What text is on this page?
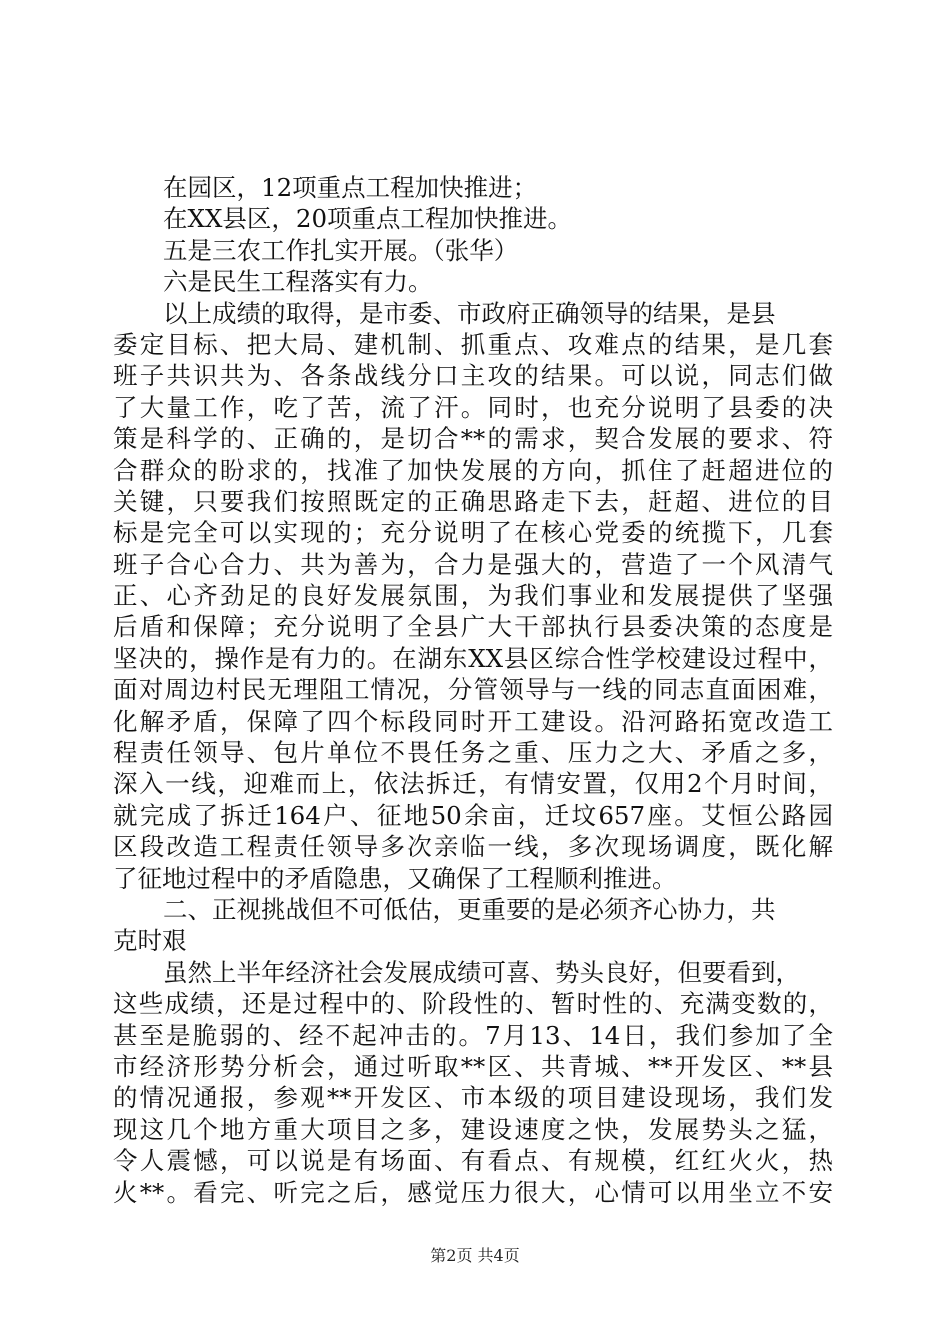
在园区，12项重点工程加快推进；
在XX县区，20项重点工程加快推进。
五是三农工作扎实开展。（张华）
六是民生工程落实有力。
以上成绩的取得，是市委、市政府正确领导的结果，是县
委定目标、把大局、建机制、抓重点、攻难点的结果，是几套
班子共识共为、各条战线分口主攻的结果。可以说，同志们做
了大量工作，吃了苦，流了汗。同时，也充分说明了县委的决
策是科学的、正确的，是切合**的需求，契合发展的要求、符
合群众的盼求的，找准了加快发展的方向，抓住了赶超进位的
关键，只要我们按照既定的正确思路走下去，赶超、进位的目
标是完全可以实现的；充分说明了在核心党委的统揽下，几套
班子合心合力、共为善为，合力是强大的，营造了一个风清气
正、心齐劲足的良好发展氛围，为我们事业和发展提供了坚强
后盾和保障；充分说明了全县广大干部执行县委决策的态度是
坚决的，操作是有力的。在湖东XX县区综合性学校建设过程中，
面对周边村民无理阻工情况，分管领导与一线的同志直面困难，
化解矛盾，保障了四个标段同时开工建设。沿河路拓宽改造工
程责任领导、包片单位不畏任务之重、压力之大、矛盾之多，
深入一线，迎难而上，依法拆迁，有情安置，仅用2个月时间，
就完成了拆迁164户、征地50余亩，迁坟657座。艾恒公路园
区段改造工程责任领导多次亲临一线，多次现场调度，既化解
了征地过程中的矛盾隐患，又确保了工程顺利推进。
二、正视挑战但不可低估，更重要的是必须齐心协力，共
克时艰
虽然上半年经济社会发展成绩可喜、势头良好，但要看到，
这些成绩，还是过程中的、阶段性的、暂时性的、充满变数的，
甚至是脆弱的、经不起冲击的。7月13、14日，我们参加了全
市经济形势分析会，通过听取**区、共青城、**开发区、**县
的情况通报，参观**开发区、市本级的项目建设现场，我们发
现这几个地方重大项目之多，建设速度之快，发展势头之猛，
令人震憾，可以说是有场面、有看点、有规模，红红火火，热
火**。看完、听完之后，感觉压力很大，心情可以用坐立不安
第2页 共4页
